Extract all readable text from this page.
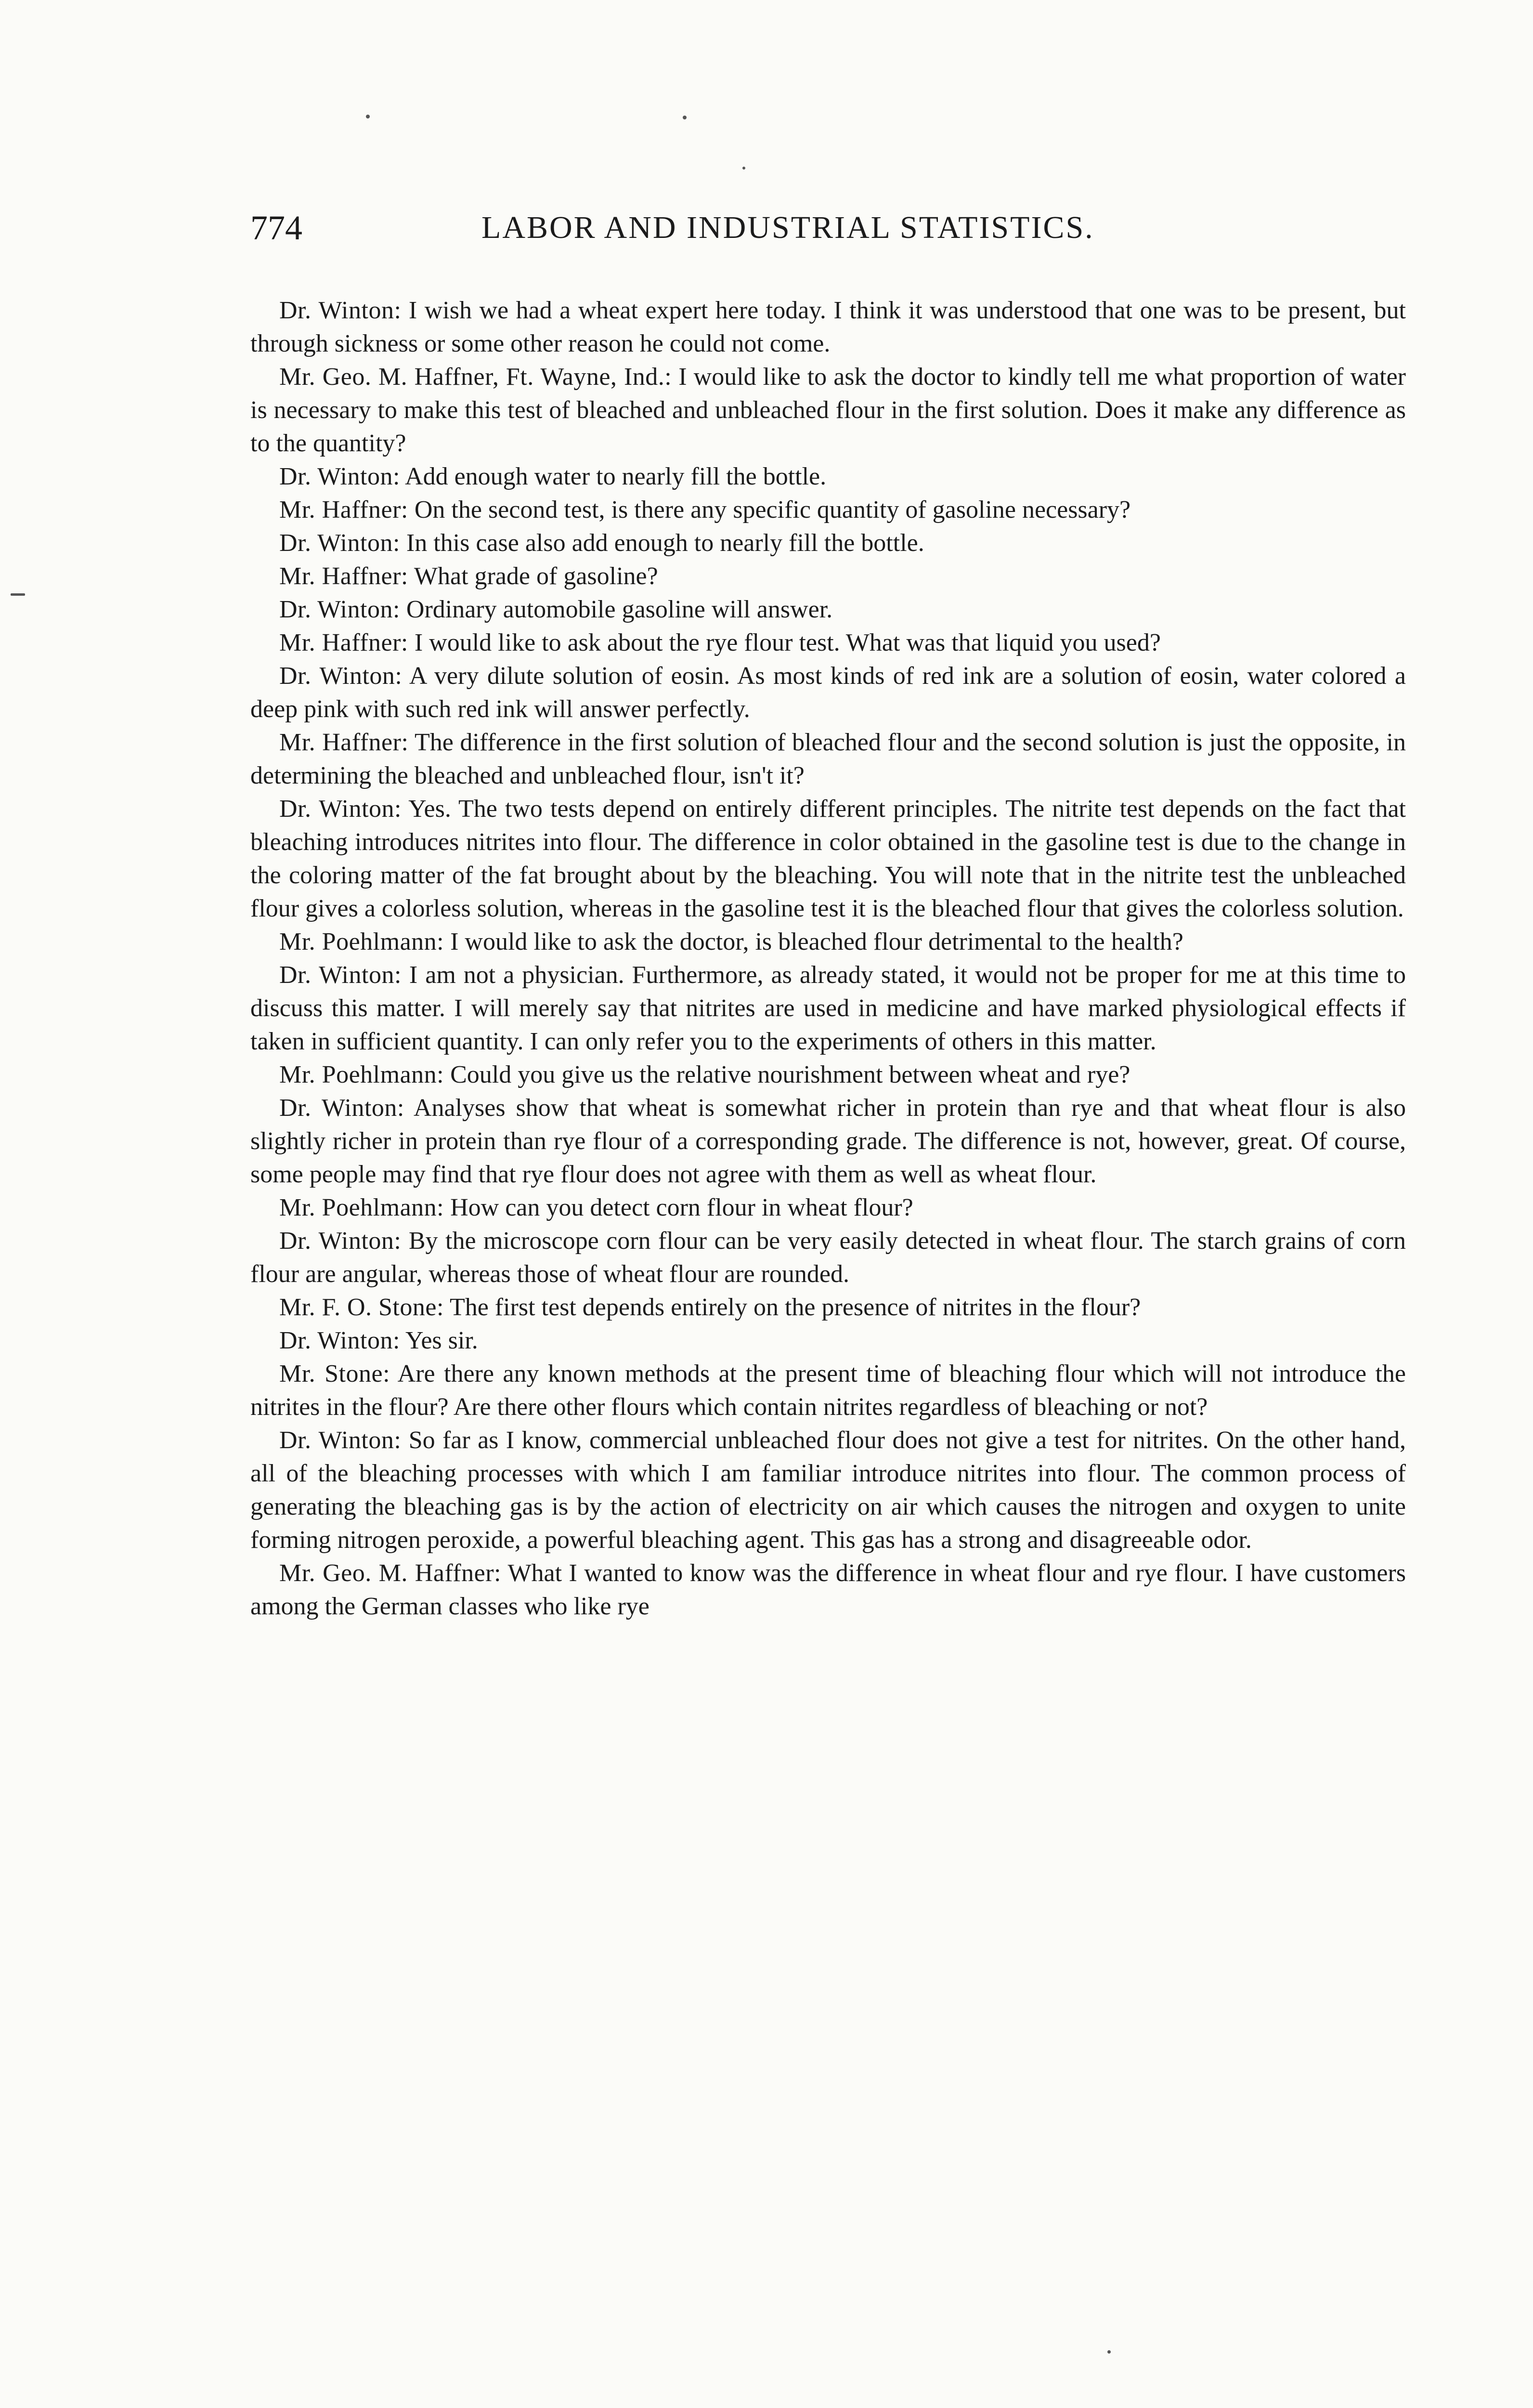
774	LABOR AND INDUSTRIAL STATISTICS.

Dr. Winton: I wish we had a wheat expert here today. I think it was understood that one was to be present, but through sickness or some other reason he could not come.

Mr. Geo. M. Haffner, Ft. Wayne, Ind.: I would like to ask the doctor to kindly tell me what proportion of water is necessary to make this test of bleached and unbleached flour in the first solution. Does it make any difference as to the quantity?

Dr. Winton: Add enough water to nearly fill the bottle.

Mr. Haffner: On the second test, is there any specific quantity of gasoline necessary?

Dr. Winton: In this case also add enough to nearly fill the bottle.

Mr. Haffner: What grade of gasoline?

Dr. Winton: Ordinary automobile gasoline will answer.

Mr. Haffner: I would like to ask about the rye flour test. What was that liquid you used?

Dr. Winton: A very dilute solution of eosin. As most kinds of red ink are a solution of eosin, water colored a deep pink with such red ink will answer perfectly.

Mr. Haffner: The difference in the first solution of bleached flour and the second solution is just the opposite, in determining the bleached and unbleached flour, isn't it?

Dr. Winton: Yes. The two tests depend on entirely different principles. The nitrite test depends on the fact that bleaching introduces nitrites into flour. The difference in color obtained in the gasoline test is due to the change in the coloring matter of the fat brought about by the bleaching. You will note that in the nitrite test the unbleached flour gives a colorless solution, whereas in the gasoline test it is the bleached flour that gives the colorless solution.

Mr. Poehlmann: I would like to ask the doctor, is bleached flour detrimental to the health?

Dr. Winton: I am not a physician. Furthermore, as already stated, it would not be proper for me at this time to discuss this matter. I will merely say that nitrites are used in medicine and have marked physiological effects if taken in sufficient quantity. I can only refer you to the experiments of others in this matter.

Mr. Poehlmann: Could you give us the relative nourishment between wheat and rye?

Dr. Winton: Analyses show that wheat is somewhat richer in protein than rye and that wheat flour is also slightly richer in protein than rye flour of a corresponding grade. The difference is not, however, great. Of course, some people may find that rye flour does not agree with them as well as wheat flour.

Mr. Poehlmann: How can you detect corn flour in wheat flour?

Dr. Winton: By the microscope corn flour can be very easily detected in wheat flour. The starch grains of corn flour are angular, whereas those of wheat flour are rounded.

Mr. F. O. Stone: The first test depends entirely on the presence of nitrites in the flour?

Dr. Winton: Yes sir.

Mr. Stone: Are there any known methods at the present time of bleaching flour which will not introduce the nitrites in the flour? Are there other flours which contain nitrites regardless of bleaching or not?

Dr. Winton: So far as I know, commercial unbleached flour does not give a test for nitrites. On the other hand, all of the bleaching processes with which I am familiar introduce nitrites into flour. The common process of generating the bleaching gas is by the action of electricity on air which causes the nitrogen and oxygen to unite forming nitrogen peroxide, a powerful bleaching agent. This gas has a strong and disagreeable odor.

Mr. Geo. M. Haffner: What I wanted to know was the difference in wheat flour and rye flour. I have customers among the German classes who like rye
